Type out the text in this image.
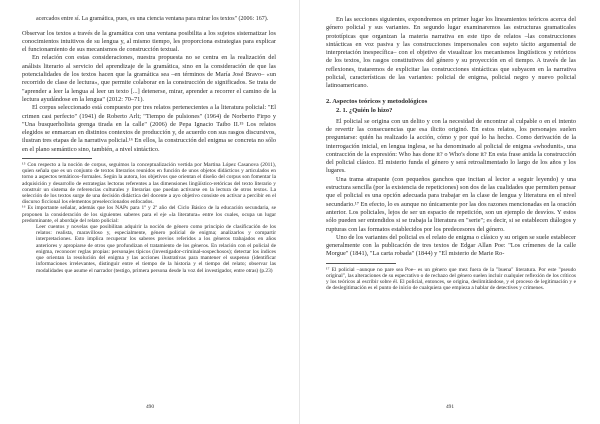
acercados entre sí. La gramática, pues, es una ciencia ventana para mirar los textos" (2006: 167).

Observar los textos a través de la gramática con una ventana posibilita a los sujetos sistematizar los conocimientos intuitivos de su lengua y, al mismo tiempo, les proporciona estrategias para explicar el funcionamiento de sus mecanismos de construcción textual.

En relación con estas consideraciones, nuestra propuesta no se centra en la realización del análisis literario al servicio del aprendizaje de la gramática, sino en la consideración de que las potencialidades de los textos hacen que la gramática sea –en términos de María José Bravo– «un recorrido de clase de lectura», que permite colaborar en la construcción de significados. Se trata de "aprender a leer la lengua al leer un texto [...] detenerse, mirar, aprender a recorrer el camino de la lectura ayudándose en la lengua" (2012: 70–71).

El corpus seleccionado está compuesto por tres relatos pertenecientes a la literatura policial: "El crimen casi perfecto" (1941) de Roberto Arlt; "Tiempo de pulsiones" (1964) de Norberto Firpo y "Una busquerholista grenga tirada en la calle" (2006) de Pepa Ignacio Taibo II.¹⁵ Los relatos elegidos se enmarcan en distintos contextos de producción y, de acuerdo con sus rasgos discursivos, ilustran tres etapas de la narrativa policial.¹⁶ En ellos, la construcción del enigma se concreta no sólo en el plano semántico sino, también, a nivel sintáctico.

¹⁵ Con respecto a la noción de corpus, seguimos la conceptualización vertida por Martina López Casanova (2011), quien señala que es un conjunto de textos literarios reunidos en función de unos objetos didácticos y articulados en torno a aspectos temáticos–formales. Según la autora, los objetivos que orientan el diseño del corpus son fomentar la adquisición y desarrollo de estrategias lectoras referentes a las dimensiones lingüístico-retóricas del texto literario y construir un sistema de referencias culturales y literarias que puedan activarse en la lectura de otros textos. La selección de los textos surge de una decisión didáctica del docente a ayo objetivo consiste en activar a percibir en el discurso ficcional los elementos preseleccionados enfocados.

¹⁶ Es importante señalar, además que los NAPs para 1º y 2º año del Ciclo Básico de la educación secundaria, se proponen la consideración de los siguientes saberes para el eje «la literatura» entre los cuales, ocupa un lugar predominante, el abordaje del relato policial:

Leer cuentos y novelas que posibilitan adquirir la noción de género como principio de clasificación de los relatos: realista, maravilloso y, especialmente, género policial de enigma; analizarlos y compartir interpretaciones. Esto implica recuperar los saberes previos referidos a los géneros trabajados en años anteriores y apropiarse de otros que profundizan el tratamiento de los géneros. En relación con el policial de enigma, reconocer reglas propias: personajes típicos (investigador-criminal-sospechosos); detectar los índices que orientan la resolución del enigma y las acciones ilustrativas para mantener el suspenso (identificar informaciones irrelevantes, distinguir entre el tiempo de la historia y el tiempo del relato; observar las modalidades que asume el narrador (testigo, primera persona desde la voz del investigador, entre otras) (p.23)

490

En las secciones siguientes, expondremos en primer lugar los lineamientos teóricos acerca del género policial y sus variantes. En segundo lugar examinaremos las estructuras gramaticales prototípicas que organizan la materia narrativa en este tipo de relatos –las construcciones sintácticas en voz pasiva y las construcciones impersonales con sujeto tácito argumental de interpretación inespecífica– con el objetivo de visualizar los mecanismos lingüísticos y retóricos de los textos, los rasgos constitutivos del género y su proyección en el tiempo. A través de las reflexiones, trataremos de explicitar las construcciones sintácticas que subyacen en la narrativa policial, características de las variantes: policial de enigma, policial negro y nuevo policial latinoamericano.

2. Aspectos teóricos y metodológicos
2. 1. ¿Quién lo hizo?

El policial se origina con un delito y con la necesidad de encontrar al culpable o en el intento de revertir las consecuencias que esa ilicito originó. En estos relatos, los personajes suelen preguntarse: quién ha realizado la acción, cómo y por qué lo ha hecho. Como derivación de la interrogación inicial, en lengua inglesa, se ha denominado al policial de enigma «whodunit», una contracción de la expresión: Who has done it? o Who's done it? En esta frase anida la construcción del policial clásico. El misterio funda el género y será retroalimentado lo largo de los años y los lugares.

Una trama atrapante (con pequeños ganchos que incitan al lector a seguir leyendo) y una estructura sencilla (por la existencia de repeticiones) son dos de las cualidades que permiten pensar que el policial es una opción adecuada para trabajar en la clase de lengua y literatura en el nivel secundario.¹⁷ En efecto, lo es aunque no únicamente por las dos razones mencionadas en la oración anterior. Los policiales, lejos de ser un espacio de repetición, son un ejemplo de desvíos. Y estos sólo pueden ser entendidos si se trabaja la literatura en "serie"; es decir, si se establecen diálogos y rupturas con las formatos establecidos por los predecesores del género.

Uno de los variantes del policial es el relato de enigma o clásico y su origen se suele establecer generalmente con la publicación de tres textos de Edgar Allan Poe: "Los crímenes de la calle Morgue" (1841), "La carta robada" (1844) y "El misterio de Marie Ro-

¹⁷ El policial –aunque no pare sea Poe– es un género que mez fuera de la "buena" literatura. Por este "pseudo original", las alteraciones de su especrativo o de rechazo del género suelen incluir cualquier reflexión de los críticos y los teóricos al escribir sobre él. El policial, entonces, se origina, deslimitándose, y el proceso de legitimación y e de deslegitimación es el punto de inicio de cualquiera que empieza a hablar de detectives y crímenes.

491
